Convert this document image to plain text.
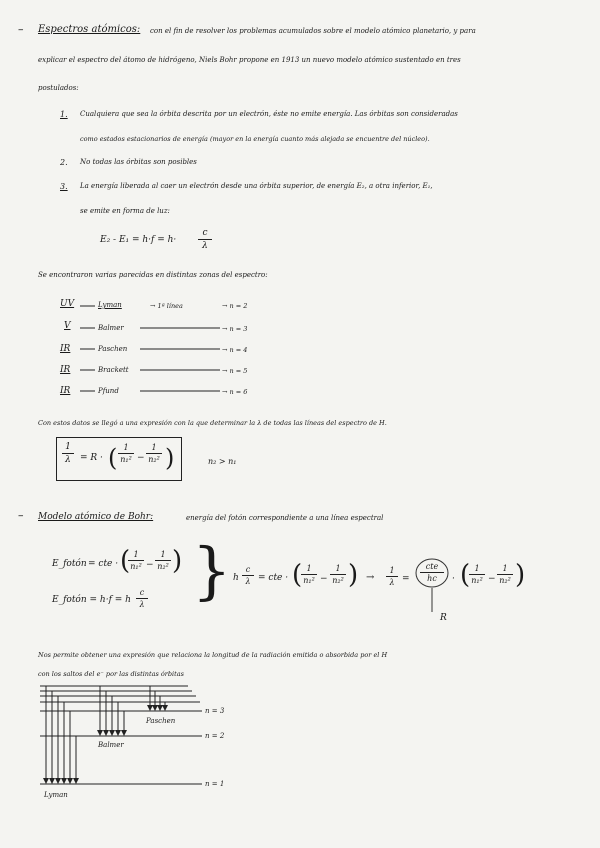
– Espectros atómicos: con el fin de resolver los problemas acumulados sobre el modelo atómico planetario, y para
explicar el espectro del átomo de hidrógeno, Niels Bohr propone en 1913 un nuevo modelo atómico sustentado en tres
postulados:
1. Cualquiera que sea la órbita descrita por un electrón, éste no emite energía. Las órbitas son consideradas
como estados estacionarios de energía (mayor en la energía cuanto más alejada se encuentre del núcleo).
2. No todas las órbitas son posibles
3. La energía liberada al caer un electrón desde una órbita superior, de energía E₂, a otra inferior, E₁,
se emite en forma de luz:
E₂ - E₁ = h·f = h·
c
λ
Se encontraron varias parecidas en distintas zonas del espectro:
UV	Lyman	→ 1ª línea	→ n = 2
V	Balmer	→ n = 3
IR	Paschen	→ n = 4
IR	Brackett	→ n = 5
IR	Pfund	→ n = 6
Con estos datos se llegó a una expresión con la que determinar la λ de todas las líneas del espectro de H.
1
λ	= R · ( 1
n₁² −
1
n₂² )	n₂ > n₁
– Modelo atómico de Bohr:	energía del fotón correspondiente a una línea espectral
E_fotón = cte · ( 1
n₁² −
1
n₂² )
E_fotón = h·f = h
c
λ } h
c
λ = cte · ( 1
n₁² −
1
n₂² ) →
1
λ =
cte
hc	· ( 1
n₁² −
1
n₂² )
R
Nos permite obtener una expresión que relaciona la longitud de la radiación emitida o absorbida por el H
con los saltos del e⁻ por las distintas órbitas
Paschen
Balmer
Lyman
n = 3
n = 2
n = 1
